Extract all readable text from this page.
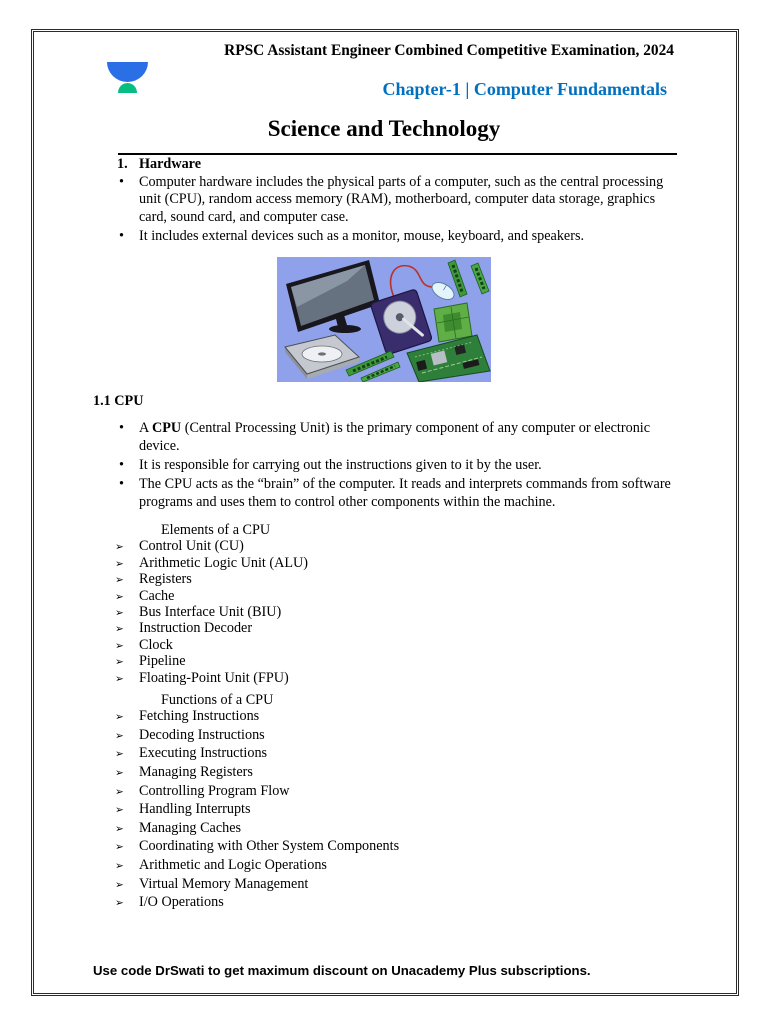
RPSC Assistant Engineer Combined Competitive Examination, 2024
Chapter-1 | Computer Fundamentals
Science and Technology
1. Hardware
•
Computer hardware includes the physical parts of a computer, such as the central processing
unit (CPU), random access memory (RAM), motherboard, computer data storage, graphics
card, sound card, and computer case.
•
It includes external devices such as a monitor, mouse, keyboard, and speakers.
1.1 CPU
•
A CPU (Central Processing Unit) is the primary component of any computer or electronic
device.
•
It is responsible for carrying out the instructions given to it by the user.
•
The CPU acts as the “brain” of the computer. It reads and interprets commands from software
programs and uses them to control other components within the machine.
Elements of a CPU
➢
Control Unit (CU)
➢
Arithmetic Logic Unit (ALU)
➢
Registers
➢
Cache
➢
Bus Interface Unit (BIU)
➢
Instruction Decoder
➢
Clock
➢
Pipeline
➢
Floating-Point Unit (FPU)
Functions of a CPU
➢
Fetching Instructions
➢
Decoding Instructions
➢
Executing Instructions
➢
Managing Registers
➢
Controlling Program Flow
➢
Handling Interrupts
➢
Managing Caches
➢
Coordinating with Other System Components
➢
Arithmetic and Logic Operations
➢
Virtual Memory Management
➢
I/O Operations
Use code DrSwati to get maximum discount on Unacademy Plus subscriptions.
